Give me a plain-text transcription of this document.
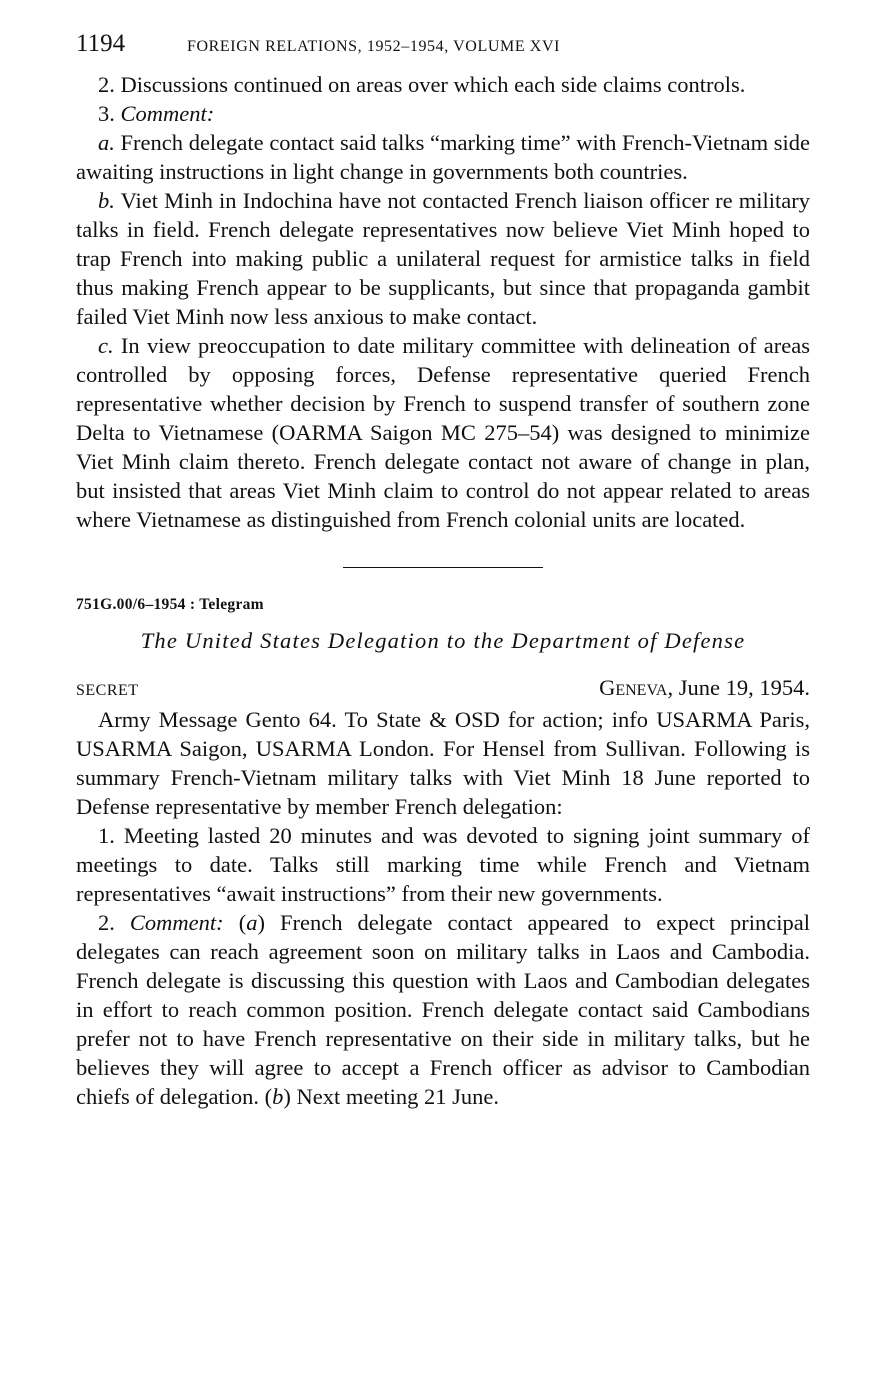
1194	FOREIGN RELATIONS, 1952–1954, VOLUME XVI

2. Discussions continued on areas over which each side claims controls.

3. Comment:

a. French delegate contact said talks “marking time” with French-Vietnam side awaiting instructions in light change in governments both countries.

b. Viet Minh in Indochina have not contacted French liaison officer re military talks in field. French delegate representatives now believe Viet Minh hoped to trap French into making public a unilateral request for armistice talks in field thus making French appear to be supplicants, but since that propaganda gambit failed Viet Minh now less anxious to make contact.

c. In view preoccupation to date military committee with delineation of areas controlled by opposing forces, Defense representative queried French representative whether decision by French to suspend transfer of southern zone Delta to Vietnamese (OARMA Saigon MC 275–54) was designed to minimize Viet Minh claim thereto. French delegate contact not aware of change in plan, but insisted that areas Viet Minh claim to control do not appear related to areas where Vietnamese as distinguished from French colonial units are located.

751G.00/6–1954 : Telegram
The United States Delegation to the Department of Defense
SECRET	Geneva, June 19, 1954.

Army Message Gento 64. To State & OSD for action; info USARMA Paris, USARMA Saigon, USARMA London. For Hensel from Sullivan. Following is summary French-Vietnam military talks with Viet Minh 18 June reported to Defense representative by member French delegation:

1. Meeting lasted 20 minutes and was devoted to signing joint summary of meetings to date. Talks still marking time while French and Vietnam representatives “await instructions” from their new governments.

2. Comment: (a) French delegate contact appeared to expect principal delegates can reach agreement soon on military talks in Laos and Cambodia. French delegate is discussing this question with Laos and Cambodian delegates in effort to reach common position. French delegate contact said Cambodians prefer not to have French representative on their side in military talks, but he believes they will agree to accept a French officer as advisor to Cambodian chiefs of delegation. (b) Next meeting 21 June.
